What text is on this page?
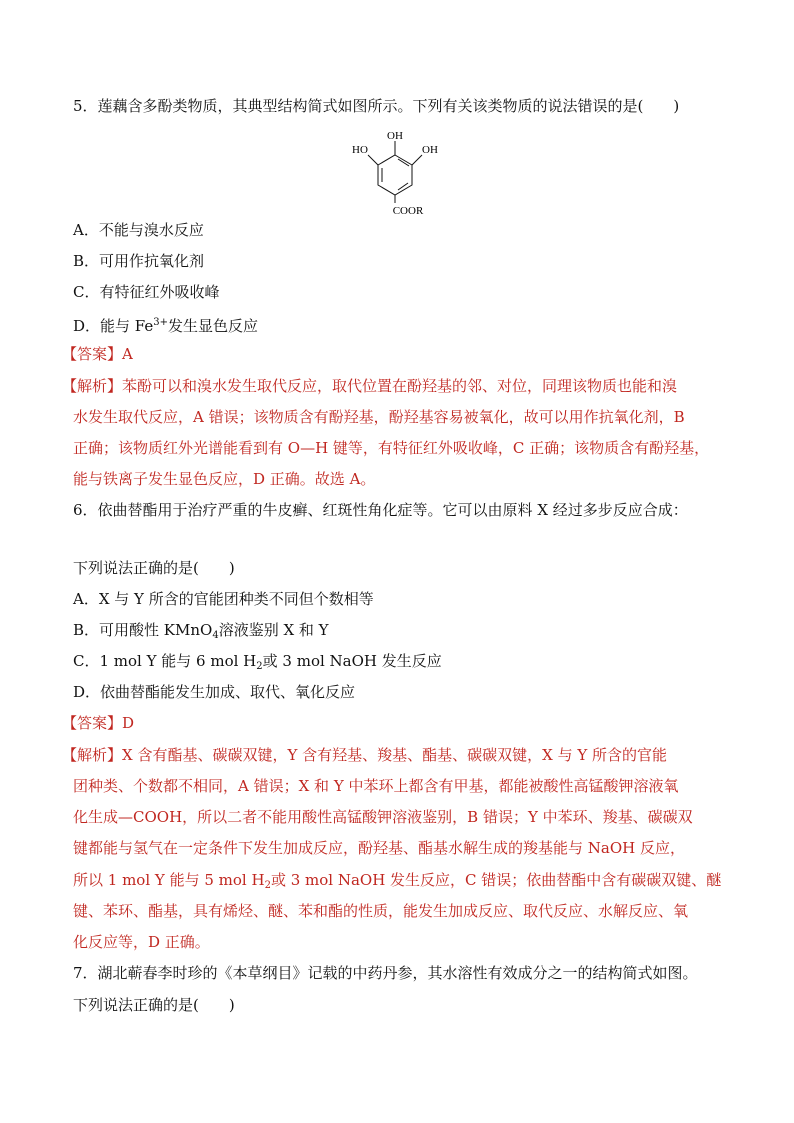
5．莲藕含多酚类物质，其典型结构简式如图所示。下列有关该类物质的说法错误的是(　　)
OH
HO	OH
COOR
A．不能与溴水反应
B．可用作抗氧化剂
C．有特征红外吸收峰
D．能与 $Fe^{3+}$发生显色反应
【答案】A
【解析】苯酚可以和溴水发生取代反应，取代位置在酚羟基的邻、对位，同理该物质也能和溴
水发生取代反应，A 错误；该物质含有酚羟基，酚羟基容易被氧化，故可以用作抗氧化剂，B
正确；该物质红外光谱能看到有 O—H 键等，有特征红外吸收峰，C 正确；该物质含有酚羟基，
能与铁离子发生显色反应，D 正确。故选 A。
6．依曲替酯用于治疗严重的牛皮癣、红斑性角化症等。它可以由原料 X 经过多步反应合成：
下列说法正确的是(　　)
A．X 与 Y 所含的官能团种类不同但个数相等
B．可用酸性 KMnO$_4$溶液鉴别 X 和 Y
C．1 mol Y 能与 6 mol $H_2$或 3 mol NaOH 发生反应
D．依曲替酯能发生加成、取代、氧化反应
【答案】D
【解析】X 含有酯基、碳碳双键，Y 含有羟基、羧基、酯基、碳碳双键，X 与 Y 所含的官能
团种类、个数都不相同，A 错误；X 和 Y 中苯环上都含有甲基，都能被酸性高锰酸钾溶液氧
化生成—COOH，所以二者不能用酸性高锰酸钾溶液鉴别，B 错误；Y 中苯环、羧基、碳碳双
键都能与氢气在一定条件下发生加成反应，酚羟基、酯基水解生成的羧基能与 NaOH 反应，
所以 1 mol Y 能与 5 mol $H_2$或 3 mol NaOH 发生反应，C 错误；依曲替酯中含有碳碳双键、醚
键、苯环、酯基，具有烯烃、醚、苯和酯的性质，能发生加成反应、取代反应、水解反应、氧
化反应等，D 正确。
7．湖北蕲春李时珍的《本草纲目》记载的中药丹参，其水溶性有效成分之一的结构简式如图。
下列说法正确的是(　　)
